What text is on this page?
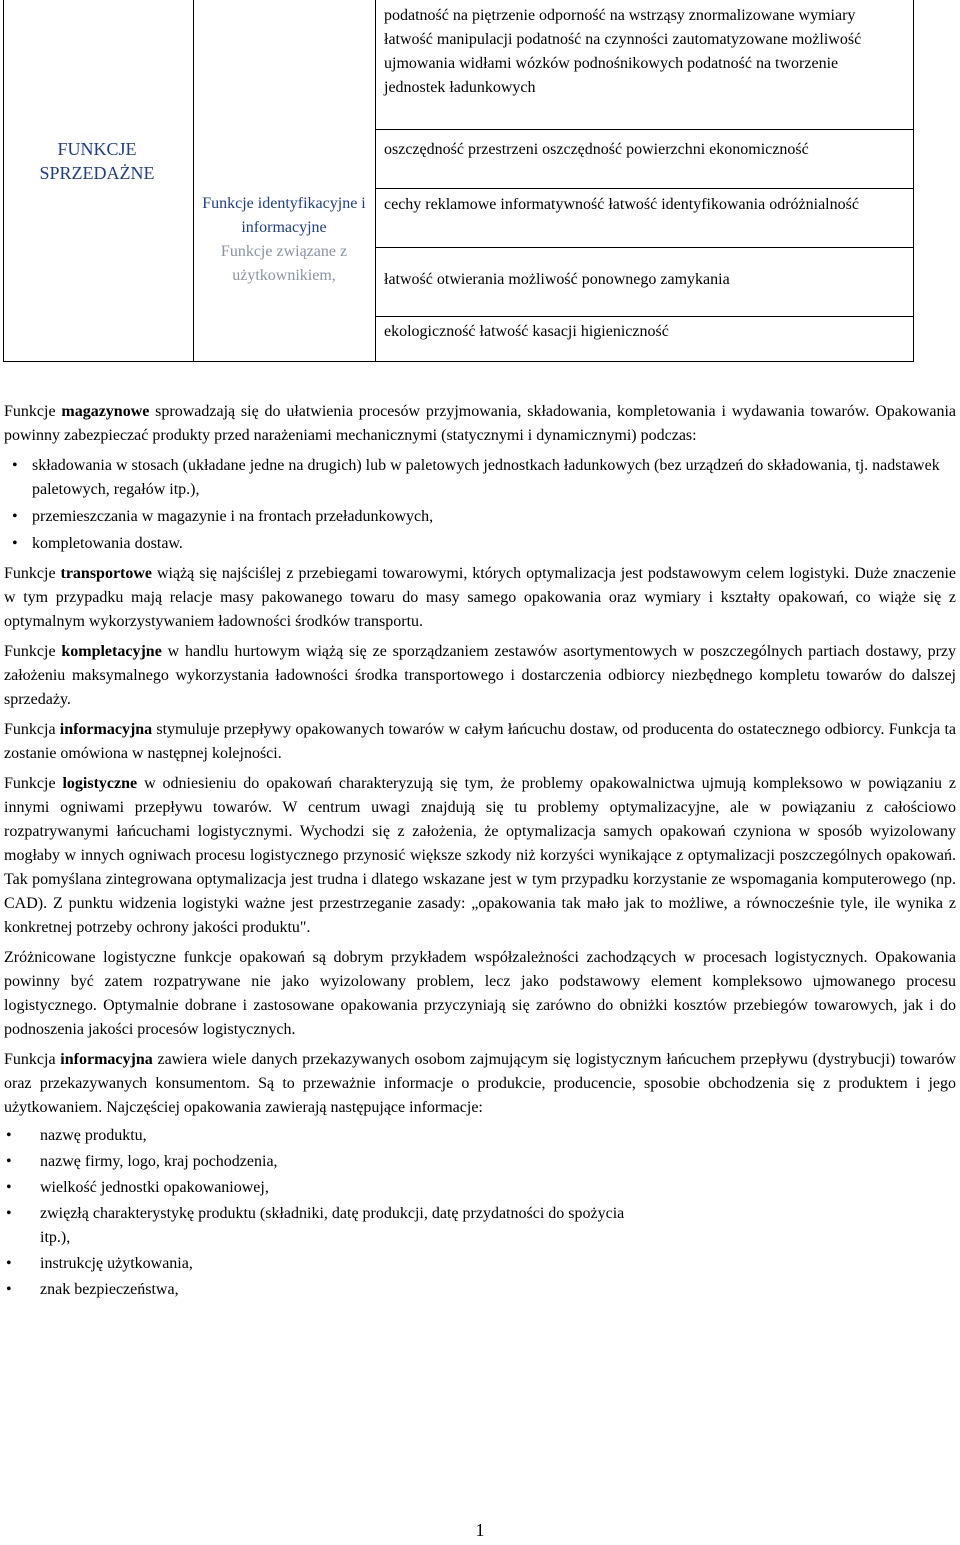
FUNKCJE SPRZEDAŻNE
Funkcje identyfikacyjne i informacyjne
Funkcje związane z użytkownikiem,
podatność na piętrzenie odporność na wstrząsy znormalizowane wymiary łatwość manipulacji podatność na czynności zautomatyzowane możliwość ujmowania widłami wózków podnośnikowych podatność na tworzenie jednostek ładunkowych
oszczędność przestrzeni oszczędność powierzchni ekonomiczność
cechy reklamowe informatywność łatwość identyfikowania odróżnialność
łatwość otwierania możliwość ponownego zamykania
ekologiczność łatwość kasacji higieniczność

Funkcje magazynowe sprowadzają się do ułatwienia procesów przyjmowania, składowania, kompletowania i wydawania towarów. Opakowania powinny zabezpieczać produkty przed narażeniami mechanicznymi (statycznymi i dynamicznymi) podczas:

• składowania w stosach (układane jedne na drugich) lub w paletowych jednostkach ładunkowych (bez urządzeń do składowania, tj. nadstawek paletowych, regałów itp.),
• przemieszczania w magazynie i na frontach przeładunkowych,
• kompletowania dostaw.

Funkcje transportowe wiążą się najściślej z przebiegami towarowymi, których optymalizacja jest podstawowym celem logistyki. Duże znaczenie w tym przypadku mają relacje masy pakowanego towaru do masy samego opakowania oraz wymiary i kształty opakowań, co wiąże się z optymalnym wykorzystywaniem ładowności środków transportu.

Funkcje kompletacyjne w handlu hurtowym wiążą się ze sporządzaniem zestawów asortymentowych w poszczególnych partiach dostawy, przy założeniu maksymalnego wykorzystania ładowności środka transportowego i dostarczenia odbiorcy niezbędnego kompletu towarów do dalszej sprzedaży.

Funkcja informacyjna stymuluje przepływy opakowanych towarów w całym łańcuchu dostaw, od producenta do ostatecznego odbiorcy. Funkcja ta zostanie omówiona w następnej kolejności.

Funkcje logistyczne w odniesieniu do opakowań charakteryzują się tym, że problemy opakowalnictwa ujmują kompleksowo w powiązaniu z innymi ogniwami przepływu towarów. W centrum uwagi znajdują się tu problemy optymalizacyjne, ale w powiązaniu z całościowo rozpatrywanymi łańcuchami logistycznymi. Wychodzi się z założenia, że optymalizacja samych opakowań czyniona w sposób wyizolowany mogłaby w innych ogniwach procesu logistycznego przynosić większe szkody niż korzyści wynikające z optymalizacji poszczególnych opakowań. Tak pomyślana zintegrowana optymalizacja jest trudna i dlatego wskazane jest w tym przypadku korzystanie ze wspomagania komputerowego (np. CAD). Z punktu widzenia logistyki ważne jest przestrzeganie zasady: „opakowania tak mało jak to możliwe, a równocześnie tyle, ile wynika z konkretnej potrzeby ochrony jakości produktu".

Zróżnicowane logistyczne funkcje opakowań są dobrym przykładem współzależności zachodzących w procesach logistycznych. Opakowania powinny być zatem rozpatrywane nie jako wyizolowany problem, lecz jako podstawowy element kompleksowo ujmowanego procesu logistycznego. Optymalnie dobrane i zastosowane opakowania przyczyniają się zarówno do obniżki kosztów przebiegów towarowych, jak i do podnoszenia jakości procesów logistycznych.

Funkcja informacyjna zawiera wiele danych przekazywanych osobom zajmującym się logistycznym łańcuchem przepływu (dystrybucji) towarów oraz przekazywanych konsumentom. Są to przeważnie informacje o produkcie, producencie, sposobie obchodzenia się z produktem i jego użytkowaniem. Najczęściej opakowania zawierają następujące informacje:

• nazwę produktu,
• nazwę firmy, logo, kraj pochodzenia,
• wielkość jednostki opakowaniowej,
• zwięzłą charakterystykę produktu (składniki, datę produkcji, datę przydatności do spożycia itp.),
• instrukcję użytkowania,
• znak bezpieczeństwa,
1
